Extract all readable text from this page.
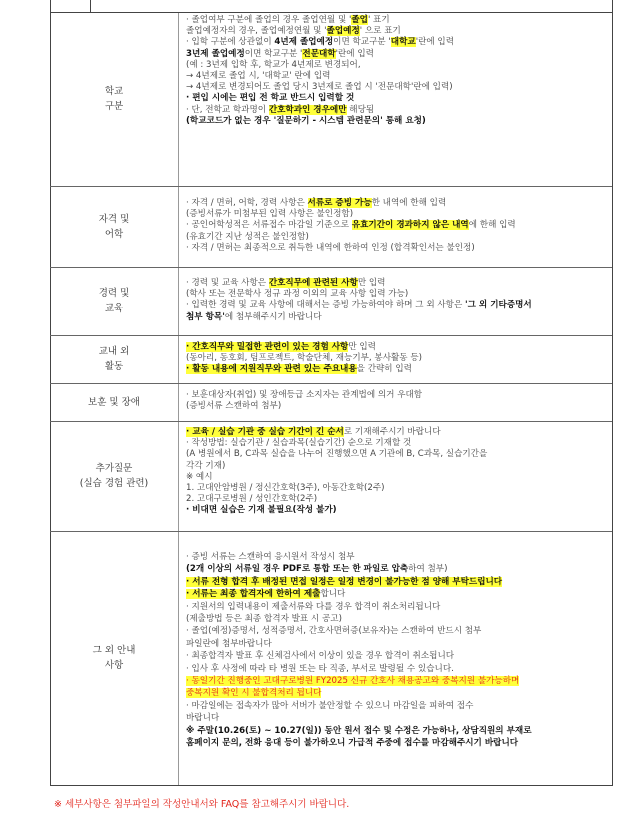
학교
구분
· 졸업여부 구분에 졸업의 경우 졸업연월 및 '졸업' 표기
졸업예정자의 경우, 졸업예정연월 및 '졸업예정' 으로 표기
· 입학 구분에 상관없이 4년제 졸업예정이면 학교구분 '대학교'란에 입력
3년제 졸업예정이면 학교구분 '전문대학'란에 입력
(예 : 3년제 입학 후, 학교가 4년제로 변경되어,
→ 4년제로 졸업 시, '대학교' 란에 입력
→ 4년제로 변경되어도 졸업 당시 3년제로 졸업 시 '전문대학'란에 입력)
· 편입 시에는 편입 전 학교 반드시 입력할 것
· 단, 전학교 학과명이 간호학과인 경우에만 해당됨
(학교코드가 없는 경우 '질문하기 - 시스템 관련문의' 통해 요청)
자격 및
어학
· 자격 / 면허, 어학, 경력 사항은 서류로 증빙 가능한 내역에 한해 입력
(증빙서류가 미첨부된 입력 사항은 불인정함)
· 공인어학성적은 서류접수 마감일 기준으로 유효기간이 경과하지 않은 내역에 한해 입력
(유효기간 지난 성적은 불인정함)
· 자격 / 면허는 최종적으로 취득한 내역에 한하여 인정 (합격확인서는 불인정)
경력 및
교육
· 경력 및 교육 사항은 간호직무에 관련된 사항만 입력
(학사 또는 전문학사 정규 과정 이외의 교육 사항 입력 가능)
· 입력한 경력 및 교육 사항에 대해서는 증빙 가능하여야 하며 그 외 사항은 '그 외 기타증명서
첨부 항목'에 첨부해주시기 바랍니다
교내 외
활동
· 간호직무와 밀접한 관련이 있는 경험 사항만 입력
(동아리, 동호회, 팀프로젝트, 학술단체, 재능기부, 봉사활동 등)
· 활동 내용에 지원직무와 관련 있는 주요내용을 간략히 입력
보훈 및 장애
· 보훈대상자(취업) 및 장애등급 소지자는 관계법에 의거 우대함
(증빙서류 스캔하여 첨부)
추가질문
(실습 경험 관련)
· 교육 / 실습 기관 중 실습 기간이 긴 순서로 기재해주시기 바랍니다
· 작성방법: 실습기관 / 실습과목(실습기간) 순으로 기재할 것
(A 병원에서 B, C과목 실습을 나누어 진행했으면 A 기관에 B, C과목, 실습기간을
각각 기재)
※ 예시
1. 고대안암병원 / 정신간호학(3주), 아동간호학(2주)
2. 고대구로병원 / 성인간호학(2주)
· 비대면 실습은 기재 불필요(작성 불가)
그 외 안내
사항
· 증빙 서류는 스캔하여 응시원서 작성시 첨부
(2개 이상의 서류일 경우 PDF로 통합 또는 한 파일로 압축하여 첨부)
· 서류 전형 합격 후 배정된 면접 일정은 일정 변경이 불가능한 점 양해 부탁드립니다
· 서류는 최종 합격자에 한하여 제출합니다
· 지원서의 입력내용이 제출서류와 다를 경우 합격이 취소처리됩니다
(제출방법 등은 최종 합격자 발표 시 공고)
· 졸업(예정)증명서, 성적증명서, 간호사면허증(보유자)는 스캔하여 반드시 첨부
파일란에 첨부바랍니다
· 최종합격자 발표 후 신체검사에서 이상이 있을 경우 합격이 취소됩니다
· 입사 후 사정에 따라 타 병원 또는 타 직종, 부서로 발령될 수 있습니다.
· 동일기간 진행중인 고대구로병원 FY2025 신규 간호사 채용공고와 중복지원 불가능하며
중복지원 확인 시 불합격처리 됩니다
· 마감일에는 접속자가 많아 서버가 불안정할 수 있으니 마감일을 피하여 접수
바랍니다
※ 주말(10.26(토) ~ 10.27(일)) 동안 원서 접수 및 수정은 가능하나, 상담직원의 부재로
홈페이지 문의, 전화 응대 등이 불가하오니 가급적 주중에 접수를 마감해주시기 바랍니다
※ 세부사항은 첨부파일의 작성안내서와 FAQ를 참고해주시기 바랍니다.
